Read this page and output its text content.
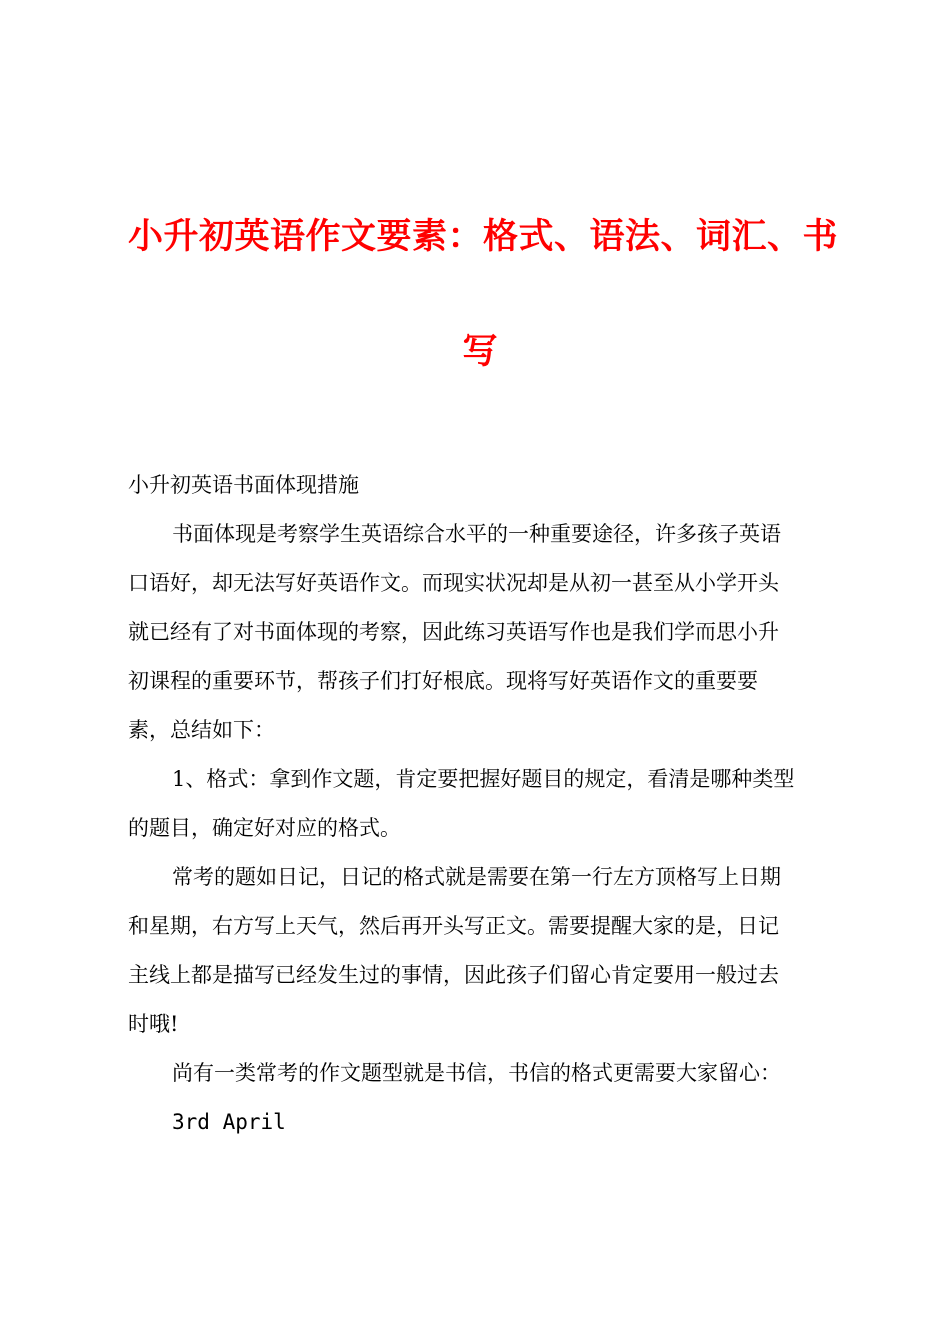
小升初英语作文要素：格式、语法、词汇、书
写
小升初英语书面体现措施
书面体现是考察学生英语综合水平的一种重要途径，许多孩子英语
口语好，却无法写好英语作文。而现实状况却是从初一甚至从小学开头
就已经有了对书面体现的考察，因此练习英语写作也是我们学而思小升
初课程的重要环节，帮孩子们打好根底。现将写好英语作文的重要要
素，总结如下：
1、格式：拿到作文题，肯定要把握好题目的规定，看清是哪种类型
的题目，确定好对应的格式。
常考的题如日记，日记的格式就是需要在第一行左方顶格写上日期
和星期，右方写上天气，然后再开头写正文。需要提醒大家的是，日记
主线上都是描写已经发生过的事情，因此孩子们留心肯定要用一般过去
时哦!
尚有一类常考的作文题型就是书信，书信的格式更需要大家留心：
3rd April
